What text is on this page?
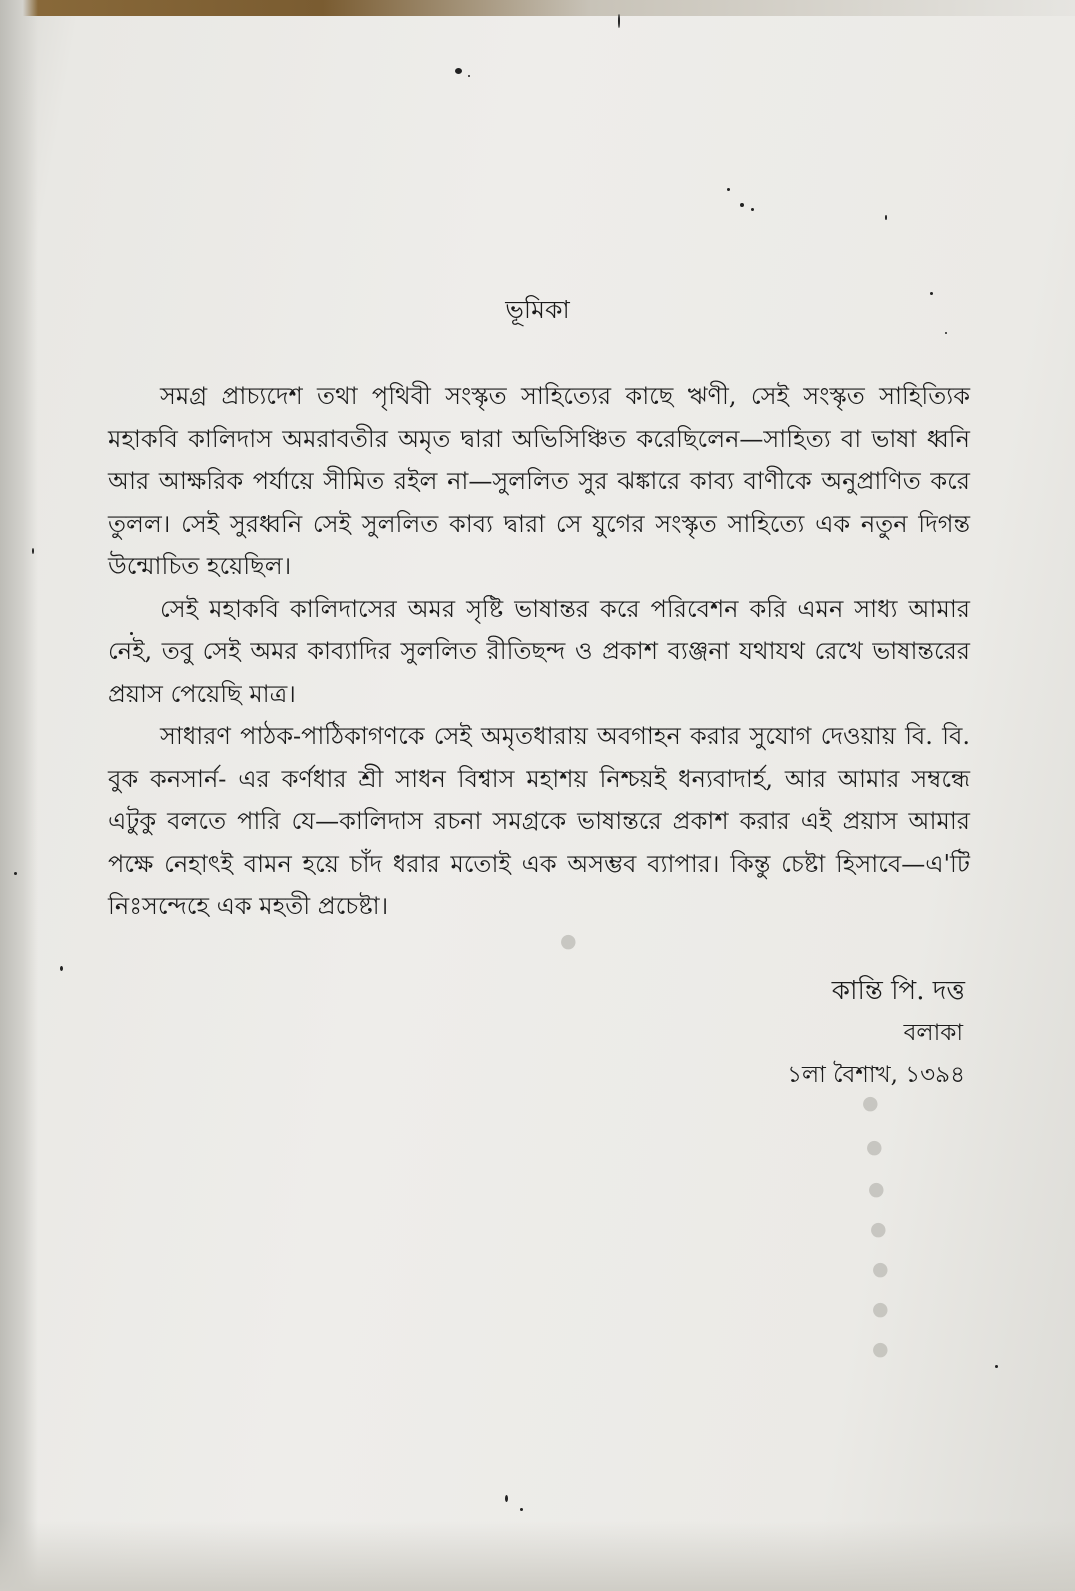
●
●
●
●
●
●
●
●
ভূমিকা

সমগ্র প্রাচ্যদেশ তথা পৃথিবী সংস্কৃত সাহিত্যের কাছে ঋণী, সেই সংস্কৃত সাহিত্যিক মহাকবি কালিদাস অমরাবতীর অমৃত দ্বারা অভিসিঞ্চিত করেছিলেন—সাহিত্য বা ভাষা ধ্বনি আর আক্ষরিক পর্যায়ে সীমিত রইল না—সুললিত সুর ঝঙ্কারে কাব্য বাণীকে অনুপ্রাণিত করে তুলল। সেই সুরধ্বনি সেই সুললিত কাব্য দ্বারা সে যুগের সংস্কৃত সাহিত্যে এক নতুন দিগন্ত উন্মোচিত হয়েছিল।

সেই মহাকবি কালিদাসের অমর সৃষ্টি ভাষান্তর করে পরিবেশন করি এমন সাধ্য আমার নেই, তবু সেই অমর কাব্যাদির সুললিত রীতিছন্দ ও প্রকাশ ব্যঞ্জনা যথাযথ রেখে ভাষান্তরের প্রয়াস পেয়েছি মাত্র।

সাধারণ পাঠক-পাঠিকাগণকে সেই অমৃতধারায় অবগাহন করার সুযোগ দেওয়ায় বি. বি. বুক কনসার্ন- এর কর্ণধার শ্রী সাধন বিশ্বাস মহাশয় নিশ্চয়ই ধন্যবাদার্হ, আর আমার সম্বন্ধে এটুকু বলতে পারি যে—কালিদাস রচনা সমগ্রকে ভাষান্তরে প্রকাশ করার এই প্রয়াস আমার পক্ষে নেহাৎই বামন হয়ে চাঁদ ধরার মতোই এক অসম্ভব ব্যাপার। কিন্তু চেষ্টা হিসাবে—এ'টি নিঃসন্দেহে এক মহতী প্রচেষ্টা।

কান্তি পি. দত্ত
বলাকা
১লা বৈশাখ, ১৩৯৪
